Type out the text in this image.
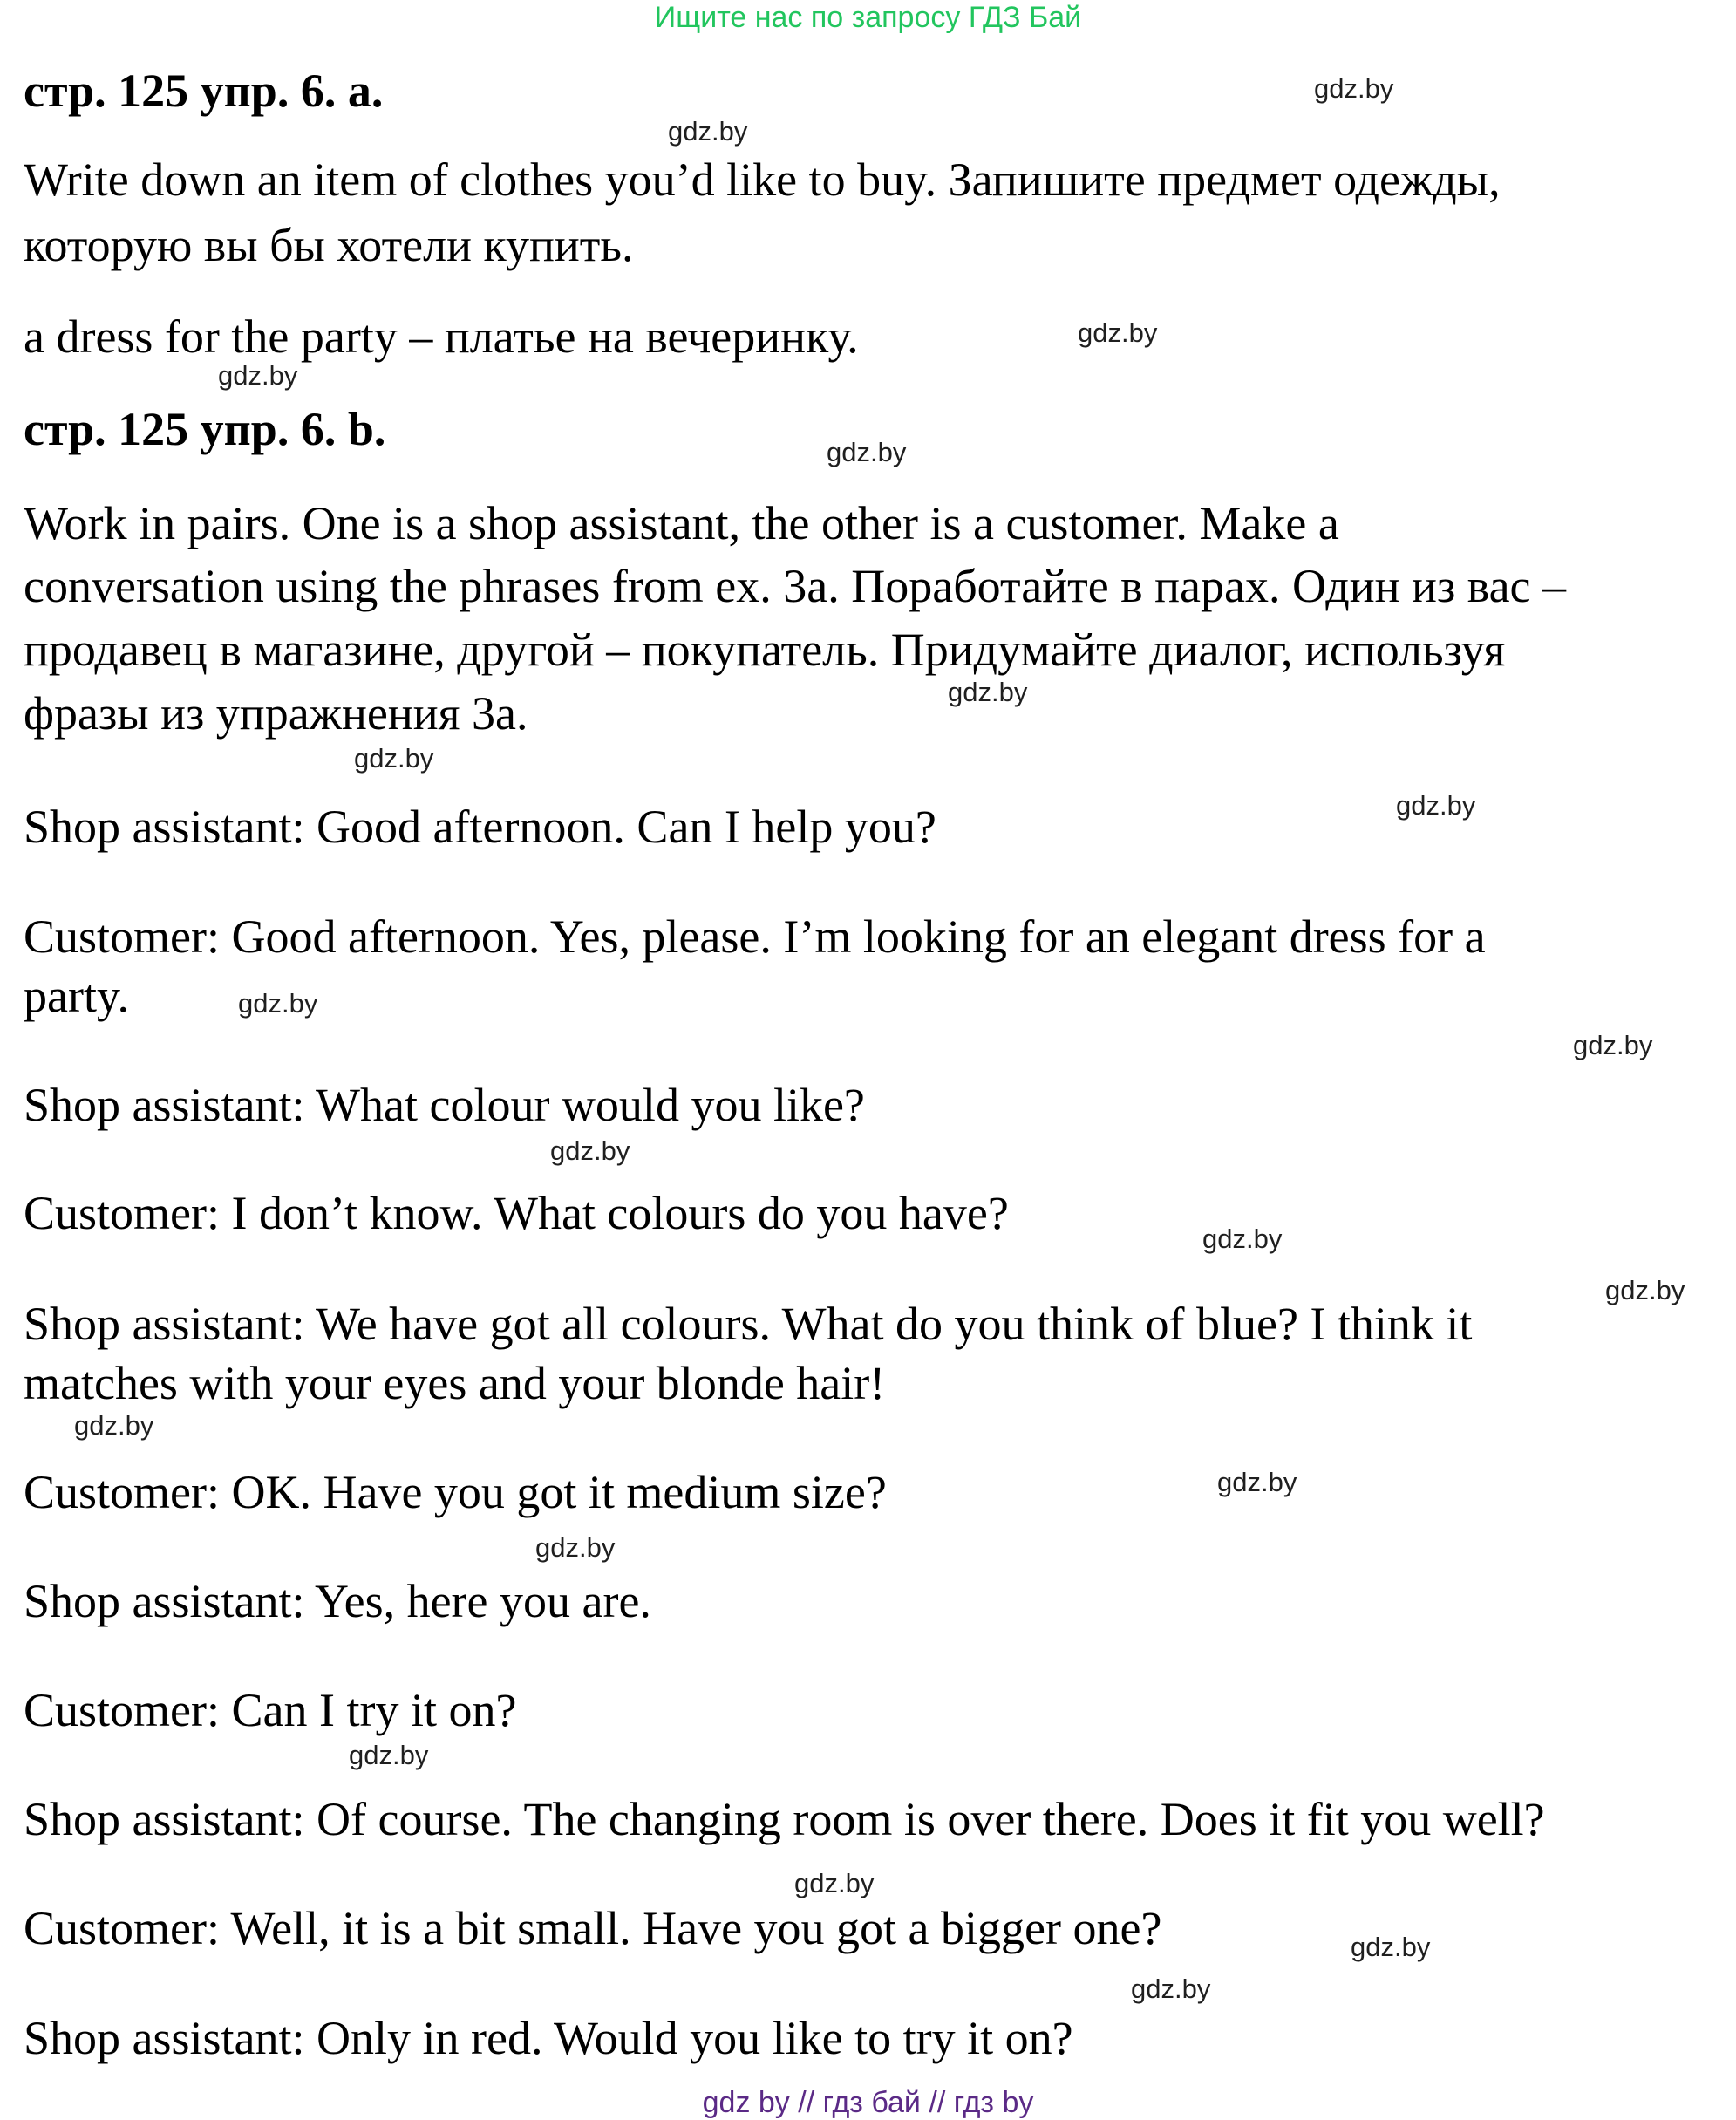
Ищите нас по запросу ГДЗ Бай
стр. 125 упр. 6. а.
Write down an item of clothes you’d like to buy. Запишите предмет одежды,
которую вы бы хотели купить.
a dress for the party – платье на вечеринку.
стр. 125 упр. 6. b.
Work in pairs. One is a shop assistant, the other is a customer. Make a
conversation using the phrases from ex. 3a. Поработайте в парах. Один из вас –
продавец в магазине, другой – покупатель. Придумайте диалог, используя
фразы из упражнения 3а.
Shop assistant: Good afternoon. Can I help you?
Customer: Good afternoon. Yes, please. I’m looking for an elegant dress for a
party.
Shop assistant: What colour would you like?
Customer: I don’t know. What colours do you have?
Shop assistant: We have got all colours. What do you think of blue? I think it
matches with your eyes and your blonde hair!
Customer: OK. Have you got it medium size?
Shop assistant: Yes, here you are.
Customer: Can I try it on?
Shop assistant: Of course. The changing room is over there. Does it fit you well?
Customer: Well, it is a bit small. Have you got a bigger one?
Shop assistant: Only in red. Would you like to try it on?
gdz.by
gdz.by
gdz.by
gdz.by
gdz.by
gdz.by
gdz.by
gdz.by
gdz.by
gdz.by
gdz.by
gdz.by
gdz.by
gdz.by
gdz.by
gdz.by
gdz.by
gdz.by
gdz.by
gdz.by
gdz by // гдз бай // гдз by
